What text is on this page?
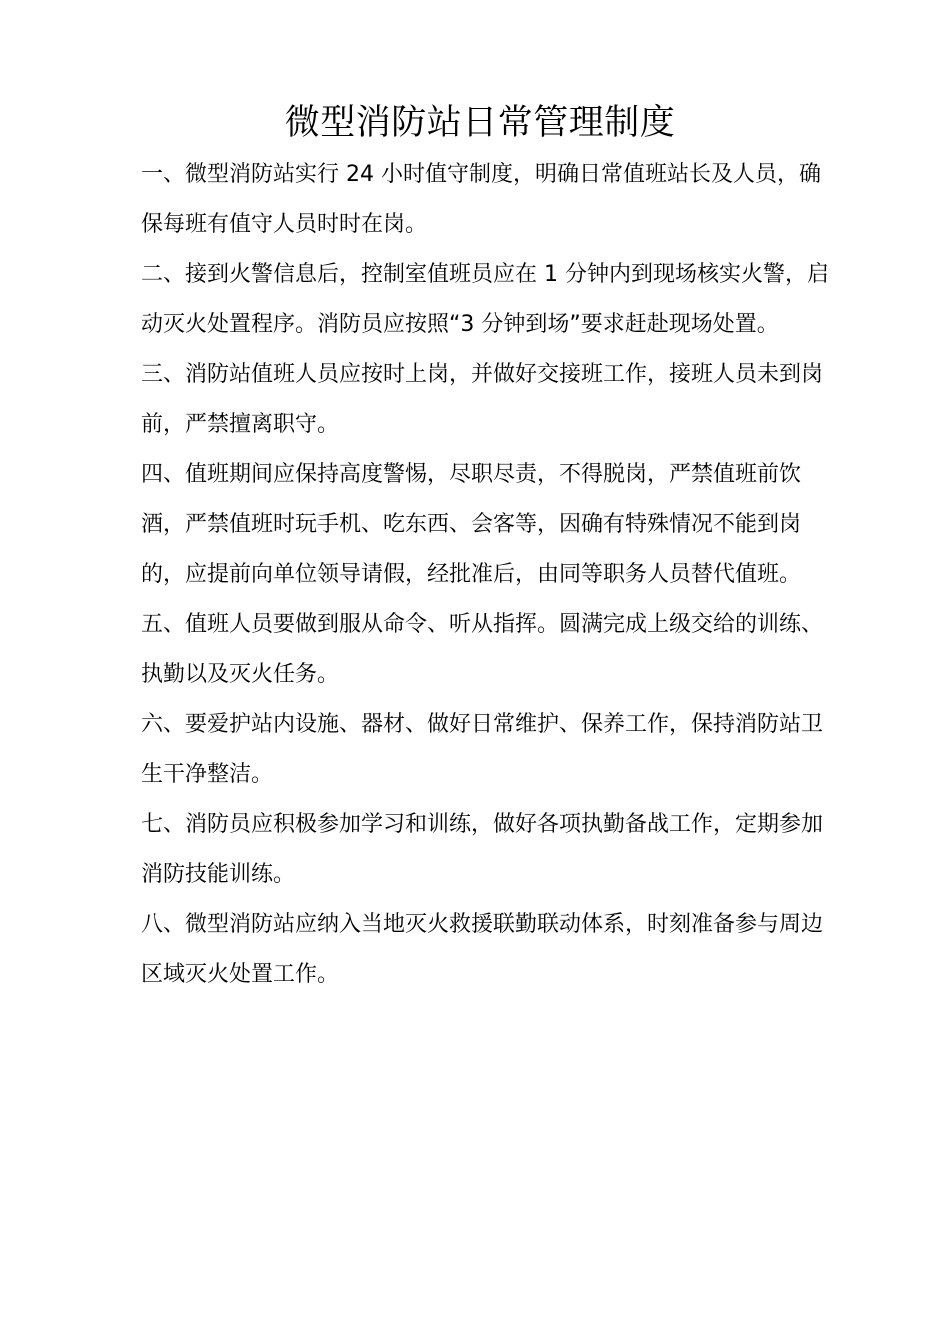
微型消防站日常管理制度

一、微型消防站实行 24 小时值守制度，明确日常值班站长及人员，确保每班有值守人员时时在岗。

二、接到火警信息后，控制室值班员应在 1 分钟内到现场核实火警，启动灭火处置程序。消防员应按照“3 分钟到场”要求赶赴现场处置。

三、消防站值班人员应按时上岗，并做好交接班工作，接班人员未到岗前，严禁擅离职守。

四、值班期间应保持高度警惕，尽职尽责，不得脱岗，严禁值班前饮酒，严禁值班时玩手机、吃东西、会客等，因确有特殊情况不能到岗的，应提前向单位领导请假，经批准后，由同等职务人员替代值班。

五、值班人员要做到服从命令、听从指挥。圆满完成上级交给的训练、执勤以及灭火任务。

六、要爱护站内设施、器材、做好日常维护、保养工作，保持消防站卫生干净整洁。

七、消防员应积极参加学习和训练，做好各项执勤备战工作，定期参加消防技能训练。

八、微型消防站应纳入当地灭火救援联勤联动体系，时刻准备参与周边区域灭火处置工作。
